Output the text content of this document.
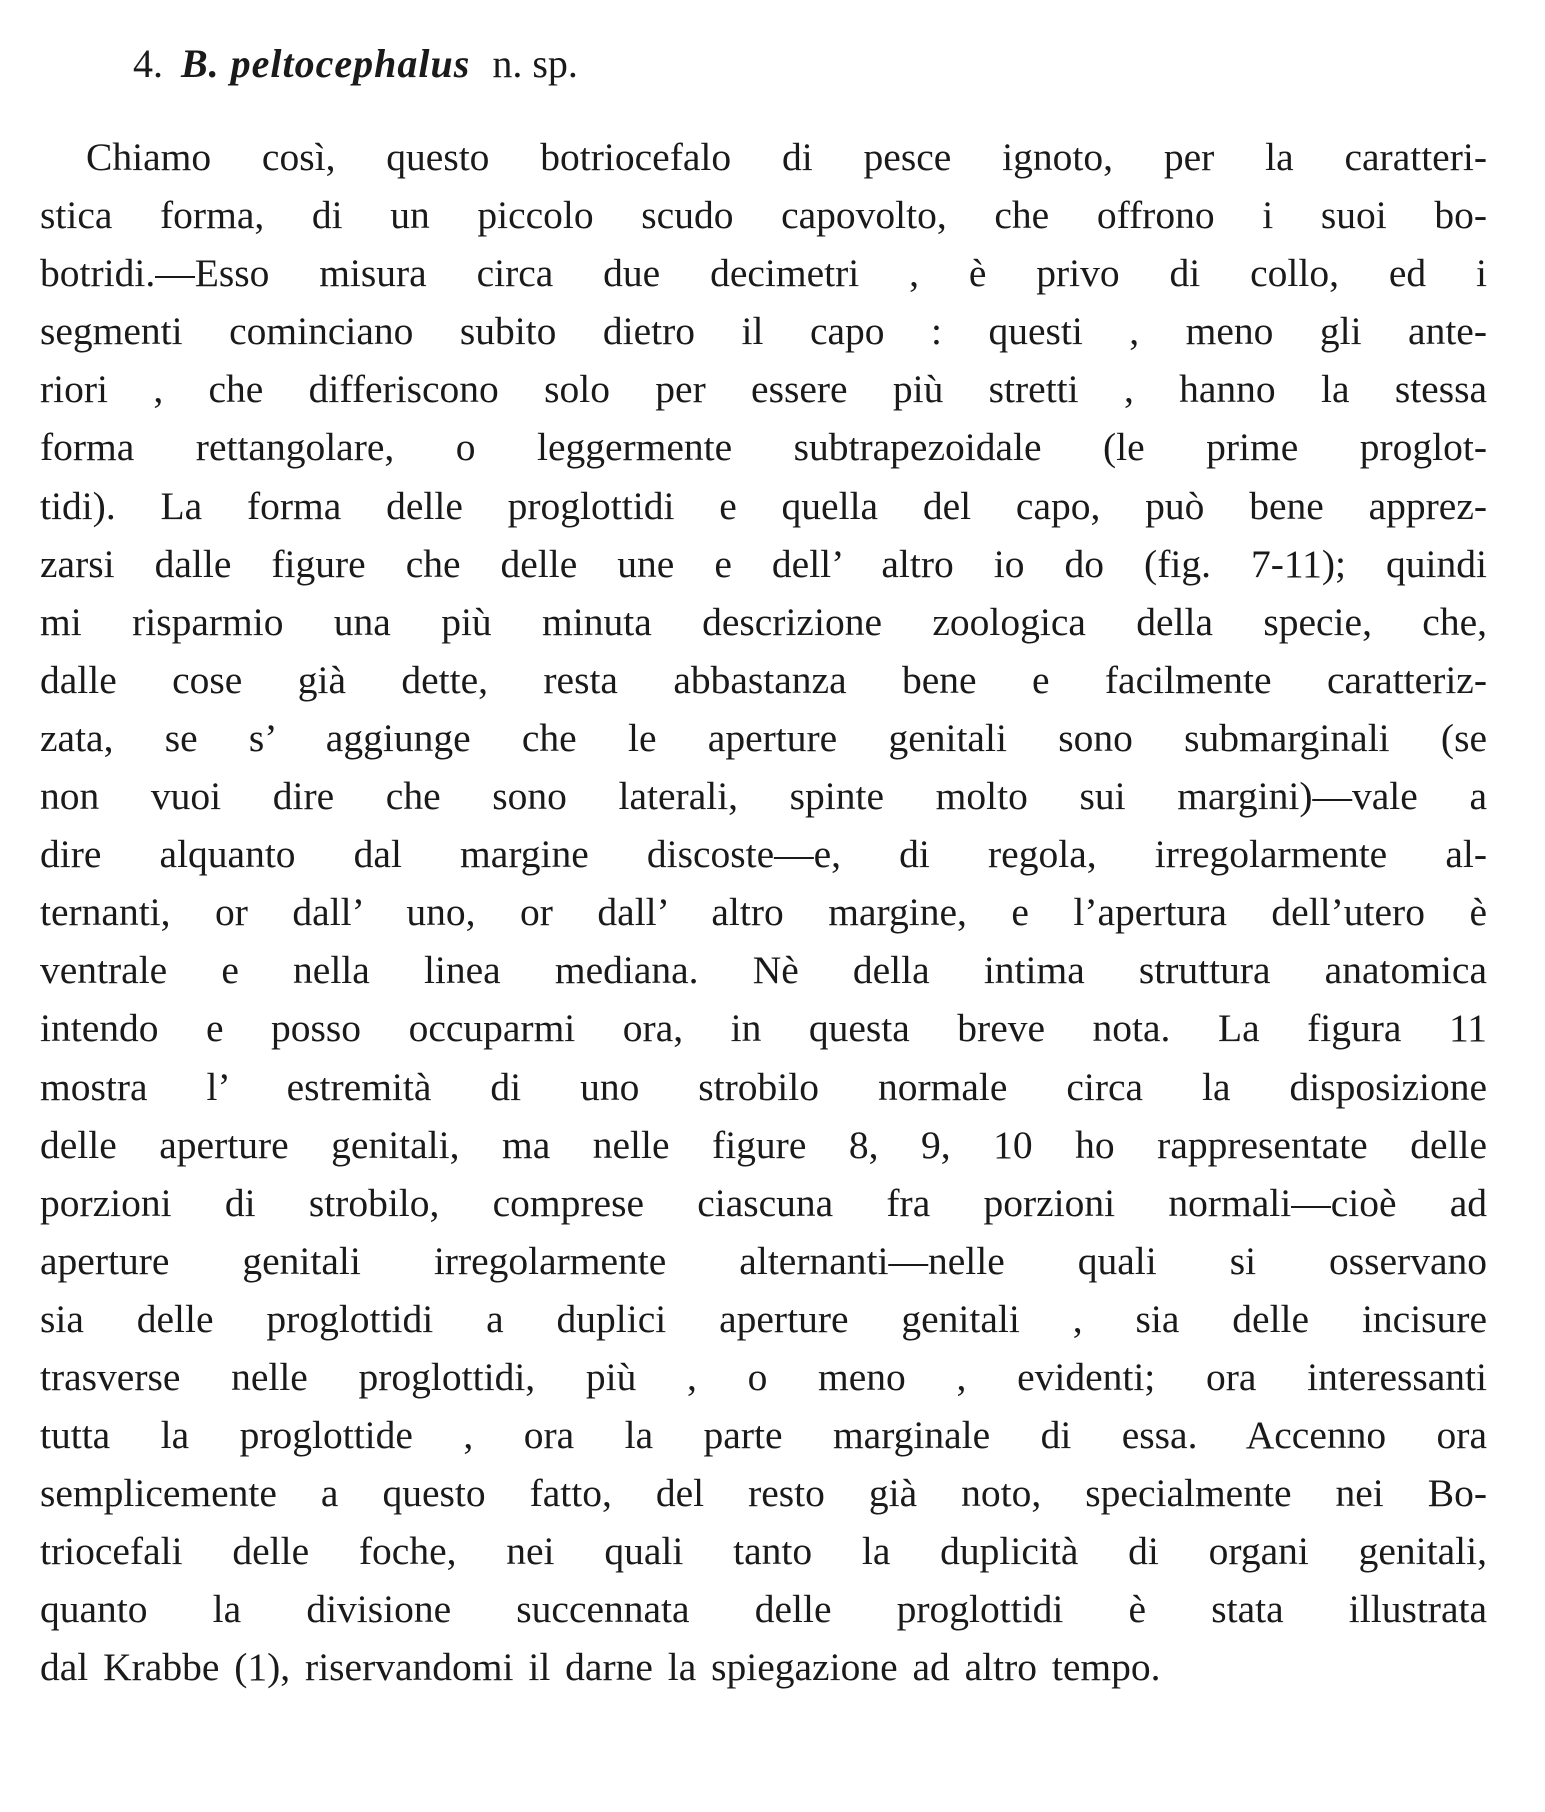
4. B. peltocephalus n. sp.
Chiamo così, questo botriocefalo di pesce ignoto, per la caratteri-
stica forma, di un piccolo scudo capovolto, che offrono i suoi bo-
botridi.—Esso misura circa due decimetri , è privo di collo, ed i
segmenti cominciano subito dietro il capo : questi , meno gli ante-
riori , che differiscono solo per essere più stretti , hanno la stessa
forma rettangolare, o leggermente subtrapezoidale (le prime proglot-
tidi). La forma delle proglottidi e quella del capo, può bene apprez-
zarsi dalle figure che delle une e dell’ altro io do (fig. 7-11); quindi
mi risparmio una più minuta descrizione zoologica della specie, che,
dalle cose già dette, resta abbastanza bene e facilmente caratteriz-
zata, se s’ aggiunge che le aperture genitali sono submarginali (se
non vuoi dire che sono laterali, spinte molto sui margini)—vale a
dire alquanto dal margine discoste—e, di regola, irregolarmente al-
ternanti, or dall’ uno, or dall’ altro margine, e l’apertura dell’utero è
ventrale e nella linea mediana. Nè della intima struttura anatomica
intendo e posso occuparmi ora, in questa breve nota. La figura 11
mostra l’ estremità di uno strobilo normale circa la disposizione
delle aperture genitali, ma nelle figure 8, 9, 10 ho rappresentate delle
porzioni di strobilo, comprese ciascuna fra porzioni normali—cioè ad
aperture genitali irregolarmente alternanti—nelle quali si osservano
sia delle proglottidi a duplici aperture genitali , sia delle incisure
trasverse nelle proglottidi, più , o meno , evidenti; ora interessanti
tutta la proglottide , ora la parte marginale di essa. Accenno ora
semplicemente a questo fatto, del resto già noto, specialmente nei Bo-
triocefali delle foche, nei quali tanto la duplicità di organi genitali,
quanto la divisione succennata delle proglottidi è stata illustrata
dal Krabbe (1), riservandomi il darne la spiegazione ad altro tempo.
